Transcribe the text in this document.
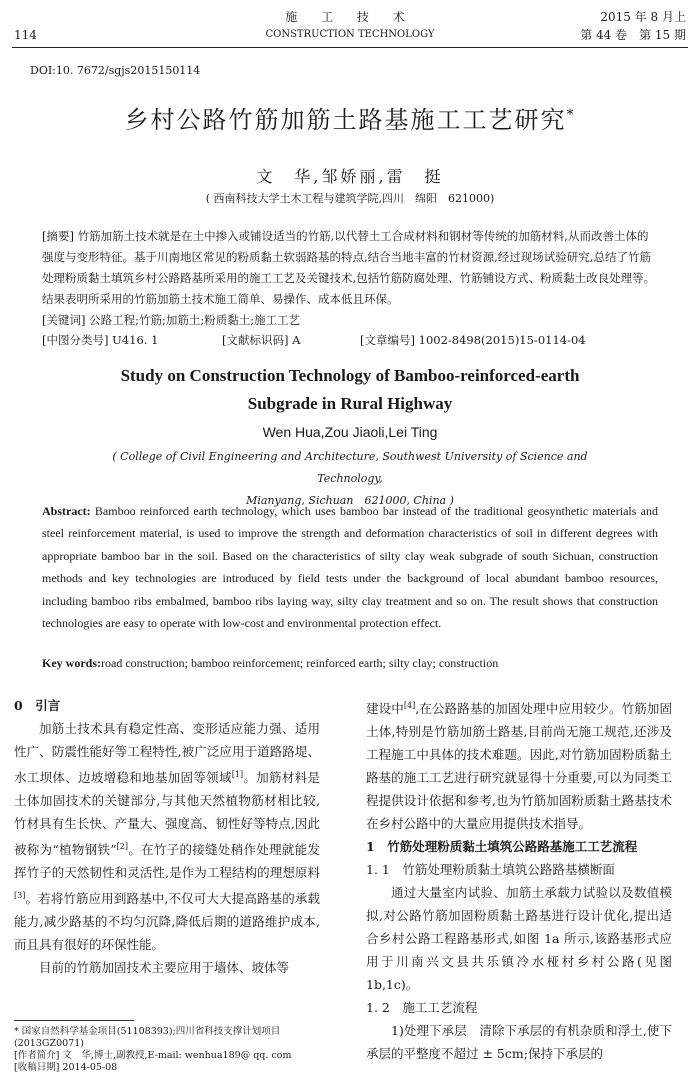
114
施 工 技 术
CONSTRUCTION TECHNOLOGY
2015 年 8 月上
第 44 卷　第 15 期
DOI:10. 7672/sgjs2015150114
乡村公路竹筋加筋土路基施工工艺研究*
文　华,邹娇丽,雷　挺
( 西南科技大学土木工程与建筑学院,四川　绵阳　621000)
[摘要] 竹筋加筋土技术就是在土中掺入或铺设适当的竹筋,以代替土工合成材料和钢材等传统的加筋材料,从而改善土体的强度与变形特征。基于川南地区常见的粉质黏土软弱路基的特点,结合当地丰富的竹材资源,经过现场试验研究,总结了竹筋处理粉质黏土填筑乡村公路路基所采用的施工工艺及关键技术,包括竹筋防腐处理、竹筋铺设方式、粉质黏土改良处理等。结果表明所采用的竹筋加筋土技术施工简单、易操作、成本低且环保。
[关键词] 公路工程;竹筋;加筋土;粉质黏土;施工工艺
[中图分类号] U416. 1	[文献标识码] A	[文章编号] 1002-8498(2015)15-0114-04
Study on Construction Technology of Bamboo-reinforced-earth
Subgrade in Rural Highway
Wen Hua,Zou Jiaoli,Lei Ting
( College of Civil Engineering and Architecture, Southwest University of Science and Technology,
Mianyang, Sichuan　621000, China )
Abstract: Bamboo reinforced earth technology, which uses bamboo bar instead of the traditional geosynthetic materials and steel reinforcement material, is used to improve the strength and deformation characteristics of soil in different degrees with appropriate bamboo bar in the soil. Based on the characteristics of silty clay weak subgrade of south Sichuan, construction methods and key technologies are introduced by field tests under the background of local abundant bamboo resources, including bamboo ribs embalmed, bamboo ribs laying way, silty clay treatment and so on. The result shows that construction technologies are easy to operate with low-cost and environmental protection effect.
Key words:road construction; bamboo reinforcement; reinforced earth; silty clay; construction
0　引言
加筋土技术具有稳定性高、变形适应能力强、适用性广、防震性能好等工程特性,被广泛应用于道路路堤、水工坝体、边坡增稳和地基加固等领域[1]。加筋材料是土体加固技术的关键部分,与其他天然植物筋材相比较,竹材具有生长快、产量大、强度高、韧性好等特点,因此被称为“植物钢铁”[2]。在竹子的接缝处稍作处理就能发挥竹子的天然韧性和灵活性,是作为工程结构的理想原料[3]。若将竹筋应用到路基中,不仅可大大提高路基的承载能力,减少路基的不均匀沉降,降低后期的道路维护成本,而且具有很好的环保性能。
目前的竹筋加固技术主要应用于墙体、坡体等
建设中[4],在公路路基的加固处理中应用较少。竹筋加固土体,特别是竹筋加筋土路基,目前尚无施工规范,还涉及工程施工中具体的技术难题。因此,对竹筋加固粉质黏土路基的施工工艺进行研究就显得十分重要,可以为同类工程提供设计依据和参考,也为竹筋加固粉质黏土路基技术在乡村公路中的大量应用提供技术指导。
1　竹筋处理粉质黏土填筑公路路基施工工艺流程
1. 1　竹筋处理粉质黏土填筑公路路基横断面
通过大量室内试验、加筋土承载力试验以及数值模拟,对公路竹筋加固粉质黏土路基进行设计优化,提出适合乡村公路工程路基形式,如图 1a 所示,该路基形式应用于川南兴文县共乐镇冷水桠村乡村公路(见图 1b,1c)。
1. 2　施工工艺流程
1)处理下承层　清除下承层的有机杂质和浮土,使下承层的平整度不超过 ± 5cm;保持下承层的
* 国家自然科学基金项目(51108393);四川省科技支撑计划项目(2013GZ0071)
[作者简介] 文　华,博士,副教授,E-mail: wenhua189@ qq. com
[收稿日期] 2014-05-08
